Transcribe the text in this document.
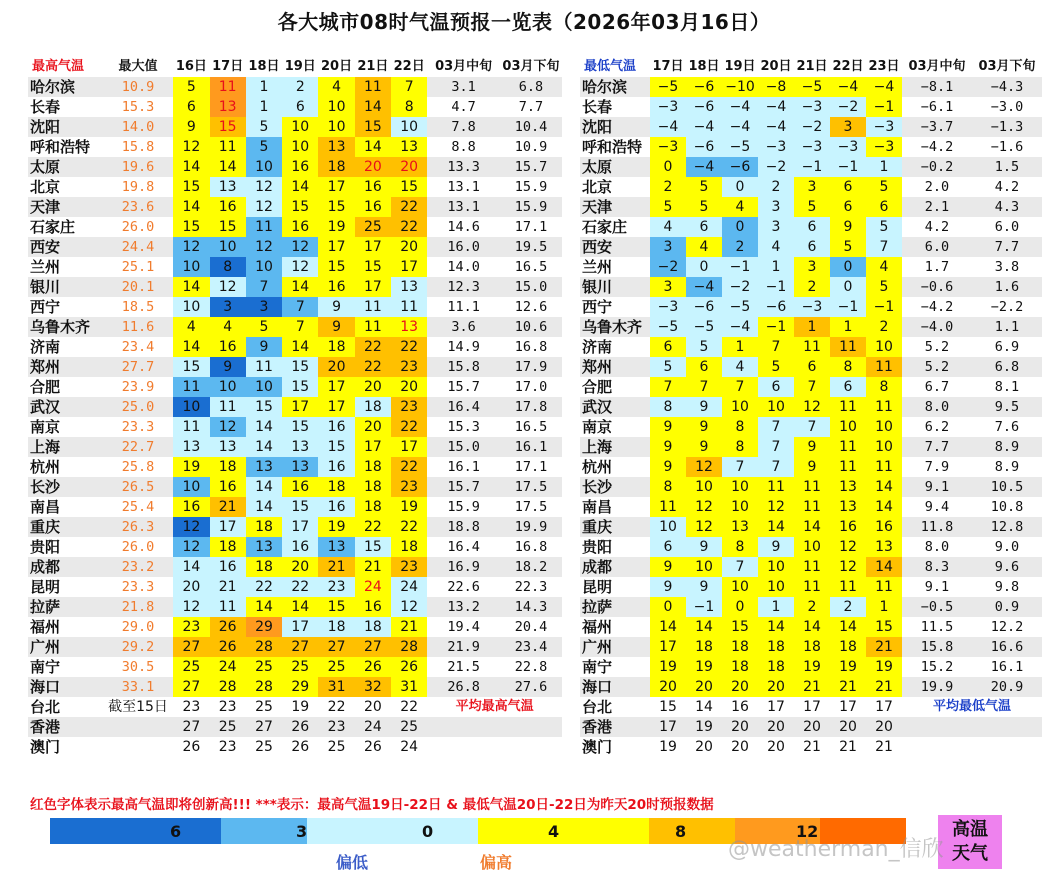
各大城市08时气温预报一览表（2026年03月16日）
最高气温	最大值	16日	17日	18日	19日	20日	21日	22日	03月中旬	03月下旬
哈尔滨	10.9	5	11	1	2	4	11	7	3.1	6.8
长春	15.3	6	13	1	6	10	14	8	4.7	7.7
沈阳	14.0	9	15	5	10	10	15	10	7.8	10.4
呼和浩特	15.8	12	11	5	10	13	14	13	8.8	10.9
太原	19.6	14	14	10	16	18	20	20	13.3	15.7
北京	19.8	15	13	12	14	17	16	15	13.1	15.9
天津	23.6	14	16	12	15	15	16	22	13.1	15.9
石家庄	26.0	15	15	11	16	19	25	22	14.6	17.1
西安	24.4	12	10	12	12	17	17	20	16.0	19.5
兰州	25.1	10	8	10	12	15	15	17	14.0	16.5
银川	20.1	14	12	7	14	16	17	13	12.3	15.0
西宁	18.5	10	3	3	7	9	11	11	11.1	12.6
乌鲁木齐	11.6	4	4	5	7	9	11	13	3.6	10.6
济南	23.4	14	16	9	14	18	22	22	14.9	16.8
郑州	27.7	15	9	11	15	20	22	23	15.8	17.9
合肥	23.9	11	10	10	15	17	20	20	15.7	17.0
武汉	25.0	10	11	15	17	17	18	23	16.4	17.8
南京	23.3	11	12	14	15	16	20	22	15.3	16.5
上海	22.7	13	13	14	13	15	17	17	15.0	16.1
杭州	25.8	19	18	13	13	16	18	22	16.1	17.1
长沙	26.5	10	16	14	16	18	18	23	15.7	17.5
南昌	25.4	16	21	14	15	16	18	19	15.9	17.5
重庆	26.3	12	17	18	17	19	22	22	18.8	19.9
贵阳	26.0	12	18	13	16	13	15	18	16.4	16.8
成都	23.2	14	16	18	20	21	21	23	16.9	18.2
昆明	23.3	20	21	22	22	23	24	24	22.6	22.3
拉萨	21.8	12	11	14	14	15	16	12	13.2	14.3
福州	29.0	23	26	29	17	18	18	21	19.4	20.4
广州	29.2	27	26	28	27	27	27	28	21.9	23.4
南宁	30.5	25	24	25	25	25	26	26	21.5	22.8
海口	33.1	27	28	28	29	31	32	31	26.8	27.6
台北	截至15日	23	23	25	19	22	20	22	平均最高气温	
香港		27	25	27	26	23	24	25		
澳门		26	23	25	26	25	26	24		
最低气温	17日	18日	19日	20日	21日	22日	23日	03月中旬	03月下旬
哈尔滨	−5	−6	−10	−8	−5	−4	−4	−8.1	−4.3
长春	−3	−6	−4	−4	−3	−2	−1	−6.1	−3.0
沈阳	−4	−4	−4	−4	−2	3	−3	−3.7	−1.3
呼和浩特	−3	−6	−5	−3	−3	−3	−3	−4.2	−1.6
太原	0	−4	−6	−2	−1	−1	1	−0.2	1.5
北京	2	5	0	2	3	6	5	2.0	4.2
天津	5	5	4	3	5	6	6	2.1	4.3
石家庄	4	6	0	3	6	9	5	4.2	6.0
西安	3	4	2	4	6	5	7	6.0	7.7
兰州	−2	0	−1	1	3	0	4	1.7	3.8
银川	3	−4	−2	−1	2	0	5	−0.6	1.6
西宁	−3	−6	−5	−6	−3	−1	−1	−4.2	−2.2
乌鲁木齐	−5	−5	−4	−1	1	1	2	−4.0	1.1
济南	6	5	1	7	11	11	10	5.2	6.9
郑州	5	6	4	5	6	8	11	5.2	6.8
合肥	7	7	7	6	7	6	8	6.7	8.1
武汉	8	9	10	10	12	11	11	8.0	9.5
南京	9	9	8	7	7	10	10	6.2	7.6
上海	9	9	8	7	9	11	10	7.7	8.9
杭州	9	12	7	7	9	11	11	7.9	8.9
长沙	8	10	10	11	11	13	14	9.1	10.5
南昌	11	12	10	12	11	13	14	9.4	10.8
重庆	10	12	13	14	14	16	16	11.8	12.8
贵阳	6	9	8	9	10	12	13	8.0	9.0
成都	9	10	7	10	11	12	14	8.3	9.6
昆明	9	9	10	10	11	11	11	9.1	9.8
拉萨	0	−1	0	1	2	2	1	−0.5	0.9
福州	14	14	15	14	14	14	15	11.5	12.2
广州	17	18	18	18	18	18	21	15.8	16.6
南宁	19	19	18	18	19	19	19	15.2	16.1
海口	20	20	20	20	21	21	21	19.9	20.9
台北	15	14	16	17	17	17	17	平均最低气温	
香港	17	19	20	20	20	20	20		
澳门	19	20	20	20	21	21	21		
红色字体表示最高气温即将创新高!!! ***表示：最高气温19日-22日 & 最低气温20日-22日为昨天20时预报数据
6	3	0	4	8	12
偏低	偏高
高温
天气
@weatherman_信欣
